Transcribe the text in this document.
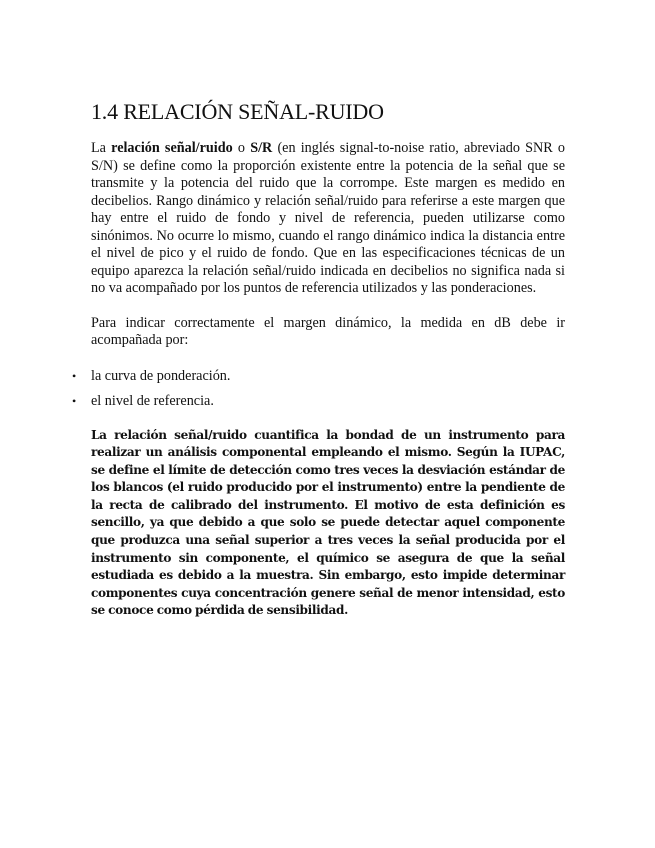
1.4 RELACIÓN SEÑAL-RUIDO

La relación señal/ruido o S/R (en inglés signal-to-noise ratio, abreviado SNR o S/N) se define como la proporción existente entre la potencia de la señal que se transmite y la potencia del ruido que la corrompe. Este margen es medido en decibelios. Rango dinámico y relación señal/ruido para referirse a este margen que hay entre el ruido de fondo y nivel de referencia, pueden utilizarse como sinónimos. No ocurre lo mismo, cuando el rango dinámico indica la distancia entre el nivel de pico y el ruido de fondo. Que en las especificaciones técnicas de un equipo aparezca la relación señal/ruido indicada en decibelios no significa nada si no va acompañado por los puntos de referencia utilizados y las ponderaciones.

Para indicar correctamente el margen dinámico, la medida en dB debe ir acompañada por:

•	la curva de ponderación.
•	el nivel de referencia.

La relación señal/ruido cuantifica la bondad de un instrumento para realizar un análisis componental empleando el mismo. Según la IUPAC, se define el límite de detección como tres veces la desviación estándar de los blancos (el ruido producido por el instrumento) entre la pendiente de la recta de calibrado del instrumento. El motivo de esta definición es sencillo, ya que debido a que solo se puede detectar aquel componente que produzca una señal superior a tres veces la señal producida por el instrumento sin componente, el químico se asegura de que la señal estudiada es debido a la muestra. Sin embargo, esto impide determinar componentes cuya concentración genere señal de menor intensidad, esto se conoce como pérdida de sensibilidad.
